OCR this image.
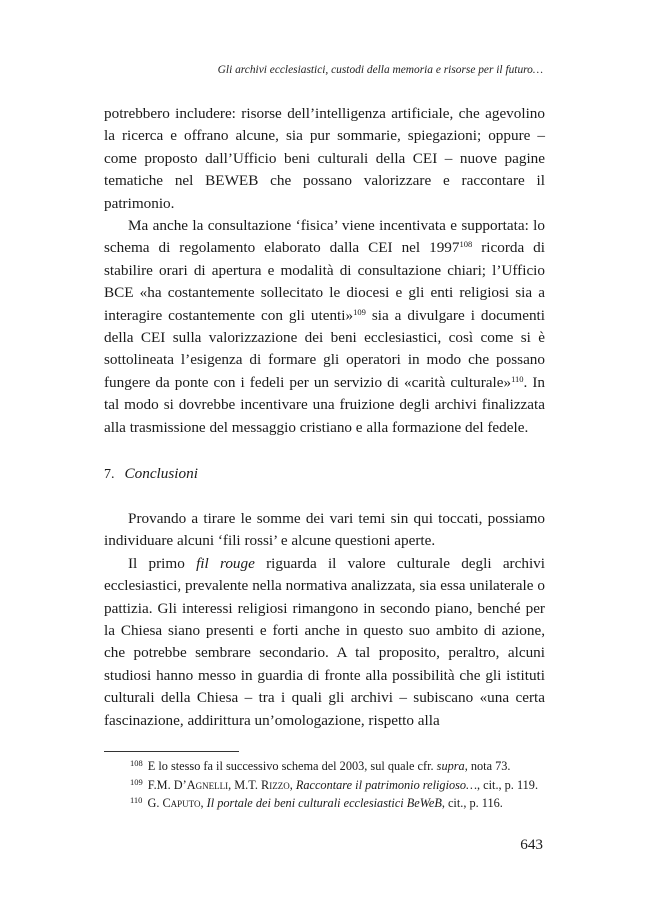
Gli archivi ecclesiastici, custodi della memoria e risorse per il futuro…

potrebbero includere: risorse dell’intelligenza artificiale, che agevolino la ricerca e offrano alcune, sia pur sommarie, spiegazioni; oppure – come proposto dall’Ufficio beni culturali della CEI – nuove pagine tematiche nel BEWEB che possano valorizzare e raccontare il patrimonio.

Ma anche la consultazione ‘fisica’ viene incentivata e supportata: lo schema di regolamento elaborato dalla CEI nel 1997$^{108}$ ricorda di stabilire orari di apertura e modalità di consultazione chiari; l’Ufficio BCE «ha costantemente sollecitato le diocesi e gli enti religiosi sia a interagire costantemente con gli utenti»$^{109}$ sia a divulgare i documenti della CEI sulla valorizzazione dei beni ecclesiastici, così come si è sottolineata l’esigenza di formare gli operatori in modo che possano fungere da ponte con i fedeli per un servizio di «carità culturale»$^{110}$. In tal modo si dovrebbe incentivare una fruizione degli archivi finalizzata alla trasmissione del messaggio cristiano e alla formazione del fedele.

7. Conclusioni

Provando a tirare le somme dei vari temi sin qui toccati, possiamo individuare alcuni ‘fili rossi’ e alcune questioni aperte.

Il primo fil rouge riguarda il valore culturale degli archivi ecclesiastici, prevalente nella normativa analizzata, sia essa unilaterale o pattizia. Gli interessi religiosi rimangono in secondo piano, benché per la Chiesa siano presenti e forti anche in questo suo ambito di azione, che potrebbe sembrare secondario. A tal proposito, peraltro, alcuni studiosi hanno messo in guardia di fronte alla possibilità che gli istituti culturali della Chiesa – tra i quali gli archivi – subiscano «una certa fascinazione, addirittura un’omologazione, rispetto alla

$^{108}$ E lo stesso fa il successivo schema del 2003, sul quale cfr. supra, nota 73.

$^{109}$ F.M. D’Agnelli, M.T. Rizzo, Raccontare il patrimonio religioso…, cit., p. 119.

$^{110}$ G. Caputo, Il portale dei beni culturali ecclesiastici BeWeB, cit., p. 116.

643
